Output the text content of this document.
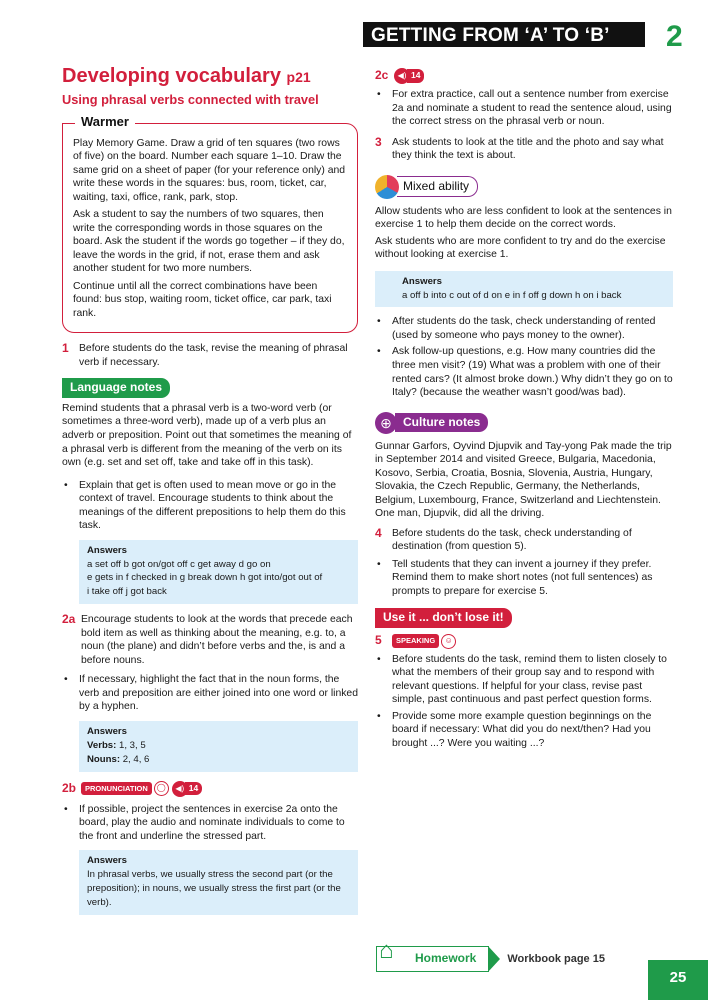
GETTING FROM ‘A’ TO ‘B’	2
Developing vocabulary p21
Using phrasal verbs connected with travel
Warmer

Play Memory Game. Draw a grid of ten squares (two rows of five) on the board. Number each square 1–10. Draw the same grid on a sheet of paper (for your reference only) and write these words in the squares: bus, room, ticket, car, waiting, taxi, office, rank, park, stop.

Ask a student to say the numbers of two squares, then write the corresponding words in those squares on the board. Ask the student if the words go together – if they do, leave the words in the grid, if not, erase them and ask another student for two more numbers.

Continue until all the correct combinations have been found: bus stop, waiting room, ticket office, car park, taxi rank.

1 Before students do the task, revise the meaning of phrasal verb if necessary.
Language notes

Remind students that a phrasal verb is a two-word verb (or sometimes a three-word verb), made up of a verb plus an adverb or preposition. Point out that sometimes the meaning of a phrasal verb is different from the meaning of the verb on its own (e.g. set and set off, take and take off in this task).

•	Explain that get is often used to mean move or go in the context of travel. Encourage students to think about the meanings of the different prepositions to help them do this task.
Answers
a set off b got on/got off c get away d go on
e gets in f checked in g break down h got into/got out of
i take off j got back
2a Encourage students to look at the words that precede each bold item as well as thinking about the meaning, e.g. to, a noun (the plane) and didn’t before verbs and the, is and a before nouns.
•	If necessary, highlight the fact that in the noun forms, the verb and preposition are either joined into one word or linked by a hyphen.
Answers
Verbs: 1, 3, 5
Nouns: 2, 4, 6
2b	PRONUNCIATION	◯	◀) 14
•	If possible, project the sentences in exercise 2a onto the board, play the audio and nominate individuals to come to the front and underline the stressed part.
Answers
In phrasal verbs, we usually stress the second part (or the preposition); in nouns, we usually stress the first part (or the verb).
2c	◀) 14
•	For extra practice, call out a sentence number from exercise 2a and nominate a student to read the sentence aloud, using the correct stress on the phrasal verb or noun.
3 Ask students to look at the title and the photo and say what they think the text is about.
Mixed ability

Allow students who are less confident to look at the sentences in exercise 1 to help them decide on the correct words.

Ask students who are more confident to try and do the exercise without looking at exercise 1.

Answers
a off b into c out of d on e in f off g down h on i back
•	After students do the task, check understanding of rented (used by someone who pays money to the owner).
•	Ask follow-up questions, e.g. How many countries did the three men visit? (19) What was a problem with one of their rented cars? (It almost broke down.) Why didn’t they go on to Italy? (because the weather wasn’t good/was bad).
⊕ Culture notes

Gunnar Garfors, Oyvind Djupvik and Tay-yong Pak made the trip in September 2014 and visited Greece, Bulgaria, Macedonia, Kosovo, Serbia, Croatia, Bosnia, Slovenia, Austria, Hungary, Slovakia, the Czech Republic, Germany, the Netherlands, Belgium, Luxembourg, France, Switzerland and Liechtenstein. One man, Djupvik, did all the driving.

4 Before students do the task, check understanding of destination (from question 5).
•	Tell students that they can invent a journey if they prefer. Remind them to make short notes (not full sentences) as prompts to prepare for exercise 5.
Use it ... don’t lose it!
5	SPEAKING	☺
•	Before students do the task, remind them to listen closely to what the members of their group say and to respond with relevant questions. If helpful for your class, revise past simple, past continuous and past perfect question forms.
•	Provide some more example question beginnings on the board if necessary: What did you do next/then? Had you brought ...? Were you waiting ...?
⌂ Homework	Workbook page 15
25
